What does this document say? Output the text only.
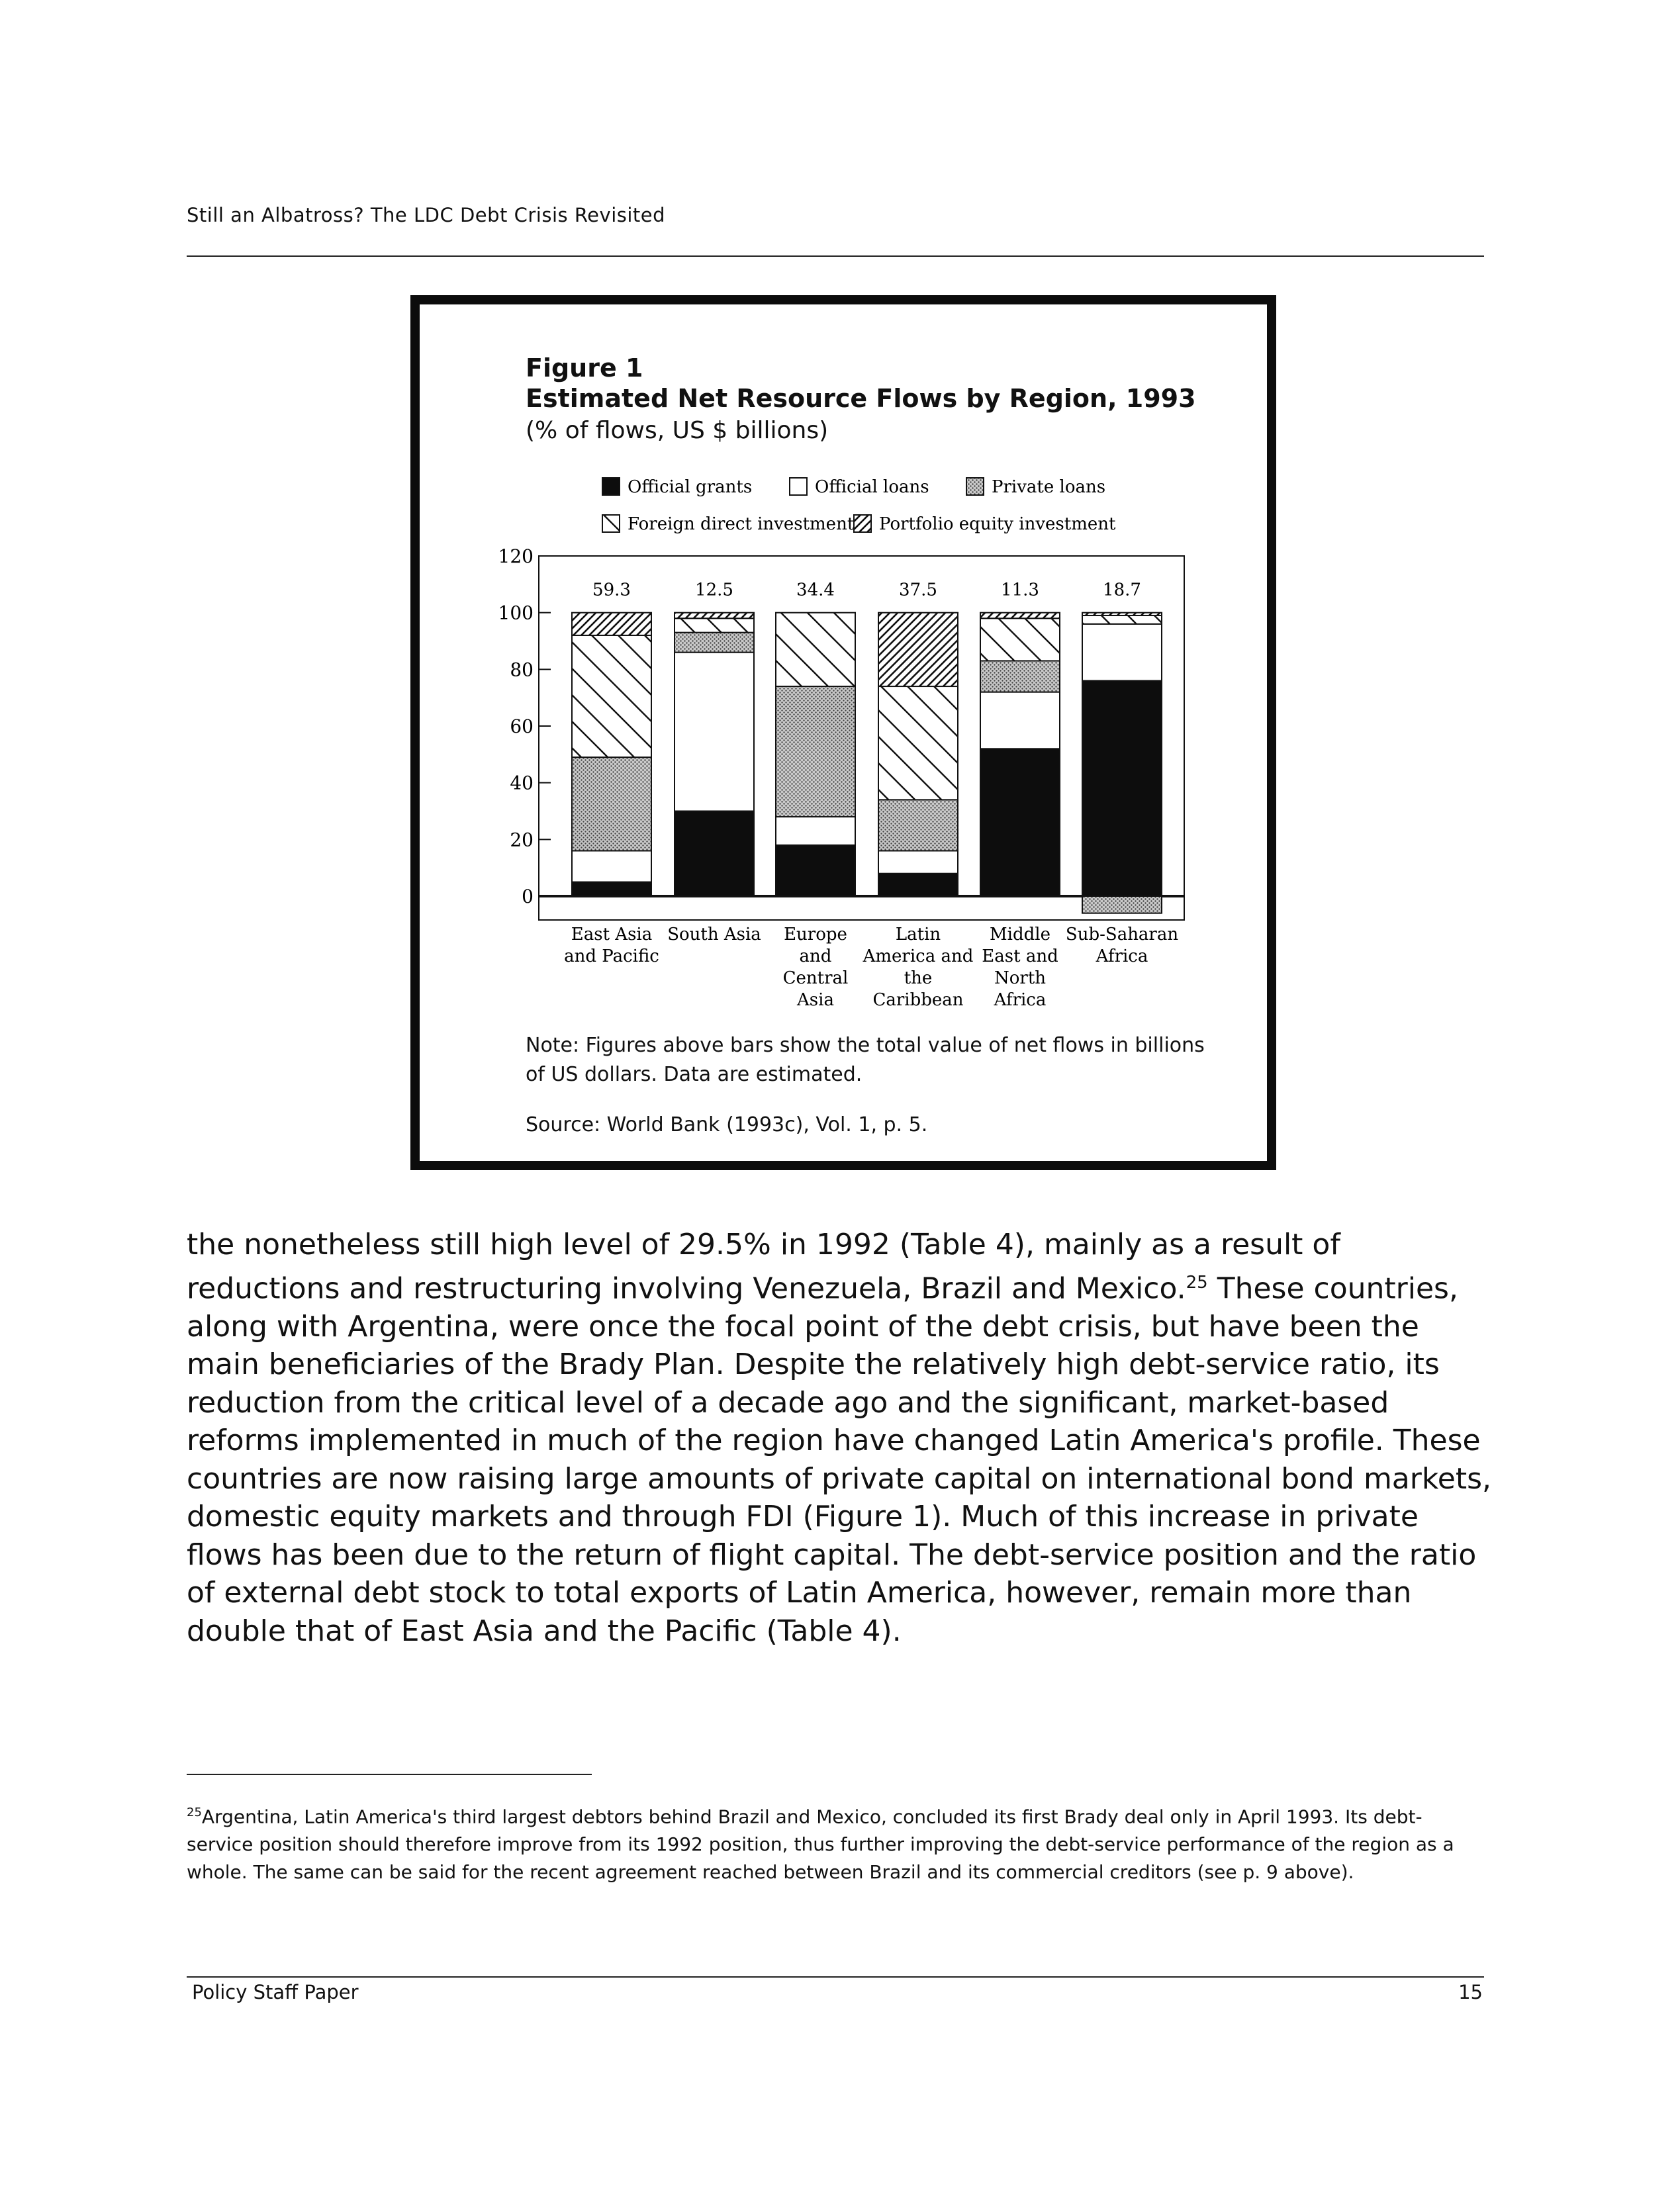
Still an Albatross? The LDC Debt Crisis Revisited
Figure 1
Estimated Net Resource Flows by Region, 1993
(% of flows, US $ billions)
Official grants	Official loans	Private loans
Foreign direct investment Portfolio equity investment
0
20
40
60
80
100
120
59.3
East Asia
and Pacific
12.5
South Asia
34.4
Europe
and
Central
Asia
37.5
Latin
America and
the
Caribbean
11.3
Middle
East and
North
Africa
18.7
Sub-Saharan
Africa
Note: Figures above bars show the total value of net flows in billions of US dollars. Data are estimated.
Source: World Bank (1993c), Vol. 1, p. 5.

the nonetheless still high level of 29.5% in 1992 (Table 4), mainly as a result of reductions and restructuring involving Venezuela, Brazil and Mexico.$^{25}$ These countries, along with Argentina, were once the focal point of the debt crisis, but have been the main beneficiaries of the Brady Plan. Despite the relatively high debt-service ratio, its reduction from the critical level of a decade ago and the significant, market-based reforms implemented in much of the region have changed Latin America's profile. These countries are now raising large amounts of private capital on international bond markets, domestic equity markets and through FDI (Figure 1). Much of this increase in private flows has been due to the return of flight capital. The debt-service position and the ratio of external debt stock to total exports of Latin America, however, remain more than double that of East Asia and the Pacific (Table 4).

$^{25}$Argentina, Latin America's third largest debtors behind Brazil and Mexico, concluded its first Brady deal only in April 1993. Its debt-service position should therefore improve from its 1992 position, thus further improving the debt-service performance of the region as a whole. The same can be said for the recent agreement reached between Brazil and its commercial creditors (see p. 9 above).
Policy Staff Paper	15
